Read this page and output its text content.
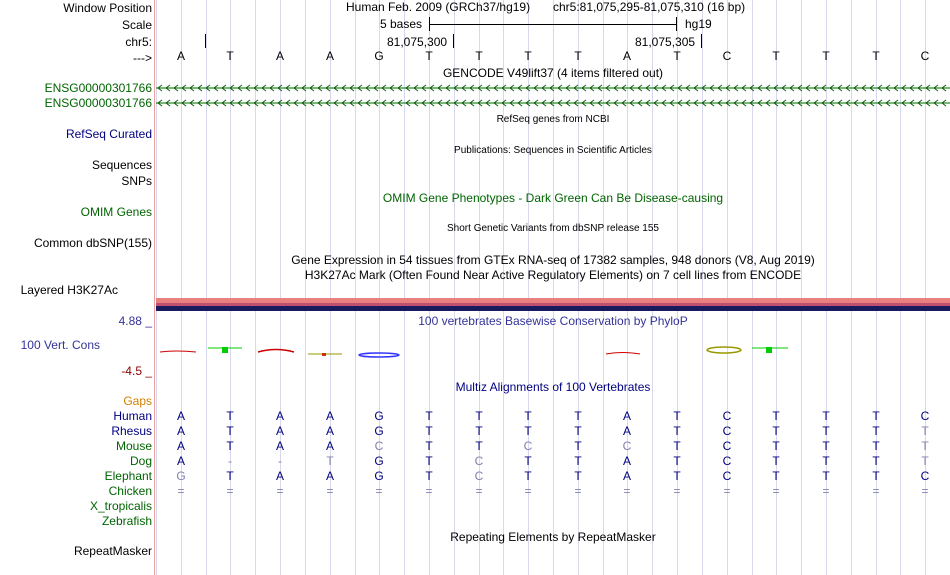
Window Position	Human Feb. 2009 (GRCh37/hg19) chr5:81,075,295-81,075,310 (16 bp)
Scale	5 bases	hg19
chr5:	81,075,300	81,075,305
--->	A	T	A	A	G	T	T	T	T	A	T	C	T	T	T	C
GENCODE V49lift37 (4 items filtered out)
ENSG00000301766
ENSG00000301766
RefSeq genes from NCBI
RefSeq Curated
Publications: Sequences in Scientific Articles
Sequences
SNPs
OMIM Gene Phenotypes - Dark Green Can Be Disease-causing
OMIM Genes
Short Genetic Variants from dbSNP release 155
Common dbSNP(155)
Gene Expression in 54 tissues from GTEx RNA-seq of 17382 samples, 948 donors (V8, Aug 2019)
H3K27Ac Mark (Often Found Near Active Regulatory Elements) on 7 cell lines from ENCODE
Layered H3K27Ac
4.88 _	100 vertebrates Basewise Conservation by PhyloP
100 Vert. Cons
-4.5 _
Multiz Alignments of 100 Vertebrates
Gaps
Human	A	T	A	A	G	T	T	T	T	A	T	C	T	T	T	C
Rhesus	A	T	A	A	G	T	T	T	T	A	T	C	T	T	T	T
Mouse	A	T	A	A	C	T	T	C	T	C	T	C	T	T	T	T
Dog	A	-	-	T	G	T	C	T	T	A	T	C	T	T	T	T
Elephant	G	T	A	A	G	T	C	T	T	A	T	C	T	T	T	C
Chicken	=	=	=	=	=	=	=	=	=	=	=	=	=	=	=	=
X_tropicalis
Zebrafish
Repeating Elements by RepeatMasker
RepeatMasker
